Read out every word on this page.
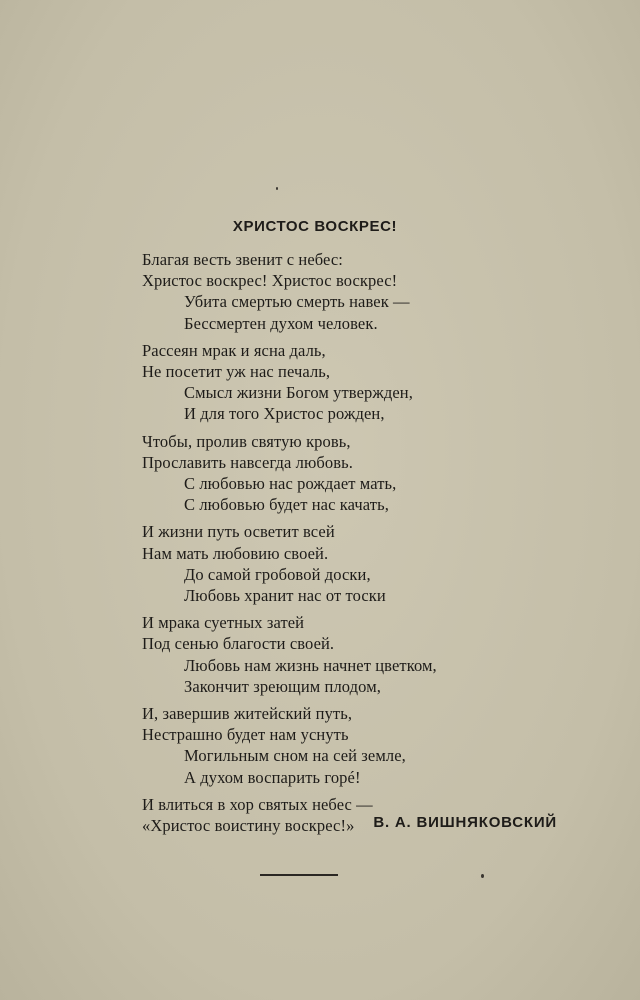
ХРИСТОС ВОСКРЕС!
Благая весть звенит с небес:
Христос воскрес! Христос воскрес!
Убита смертью смерть навек —
Бессмертен духом человек.
Рассеян мрак и ясна даль,
Не посетит уж нас печаль,
Смысл жизни Богом утвержден,
И для того Христос рожден,
Чтобы, пролив святую кровь,
Прославить навсегда любовь.
С любовью нас рождает мать,
С любовью будет нас качать,
И жизни путь осветит всей
Нам мать любовию своей.
До самой гробовой доски,
Любовь хранит нас от тоски
И мрака суетных затей
Под сенью благости своей.
Любовь нам жизнь начнет цветком,
Закончит зреющим плодом,
И, завершив житейский путь,
Нестрашно будет нам уснуть
Могильным сном на сей земле,
А духом воспарить горé!
И влиться в хор святых небес —
«Христос воистину воскрес!»	В. А. ВИШНЯКОВСКИЙ
